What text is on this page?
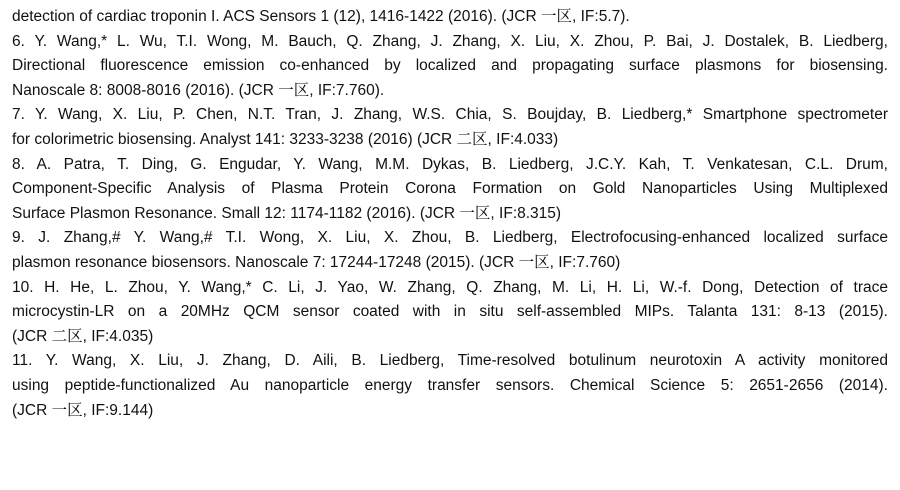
detection of cardiac troponin I. ACS Sensors 1 (12), 1416-1422 (2016). (JCR 一区, IF:5.7).
6. Y. Wang,* L. Wu, T.I. Wong, M. Bauch, Q. Zhang, J. Zhang, X. Liu, X. Zhou, P. Bai, J. Dostalek, B. Liedberg,
Directional fluorescence emission co-enhanced by localized and propagating surface plasmons for biosensing.
Nanoscale 8: 8008-8016 (2016). (JCR 一区, IF:7.760).
7. Y. Wang, X. Liu, P. Chen, N.T. Tran, J. Zhang, W.S. Chia, S. Boujday, B. Liedberg,* Smartphone spectrometer
for colorimetric biosensing. Analyst 141: 3233-3238 (2016) (JCR 二区, IF:4.033)
8. A. Patra, T. Ding, G. Engudar, Y. Wang, M.M. Dykas, B. Liedberg, J.C.Y. Kah, T. Venkatesan, C.L. Drum,
Component‐Specific Analysis of Plasma Protein Corona Formation on Gold Nanoparticles Using Multiplexed
Surface Plasmon Resonance. Small 12: 1174-1182 (2016). (JCR 一区, IF:8.315)
9. J. Zhang,# Y. Wang,# T.I. Wong, X. Liu, X. Zhou, B. Liedberg, Electrofocusing-enhanced localized surface
plasmon resonance biosensors. Nanoscale 7: 17244-17248 (2015). (JCR 一区, IF:7.760)
10. H. He, L. Zhou, Y. Wang,* C. Li, J. Yao, W. Zhang, Q. Zhang, M. Li, H. Li, W.-f. Dong, Detection of trace
microcystin-LR on a 20MHz QCM sensor coated with in situ self-assembled MIPs. Talanta 131: 8-13 (2015).
(JCR 二区, IF:4.035)
11. Y. Wang, X. Liu, J. Zhang, D. Aili, B. Liedberg, Time-resolved botulinum neurotoxin A activity monitored
using peptide-functionalized Au nanoparticle energy transfer sensors. Chemical Science 5: 2651-2656 (2014).
(JCR 一区, IF:9.144)
